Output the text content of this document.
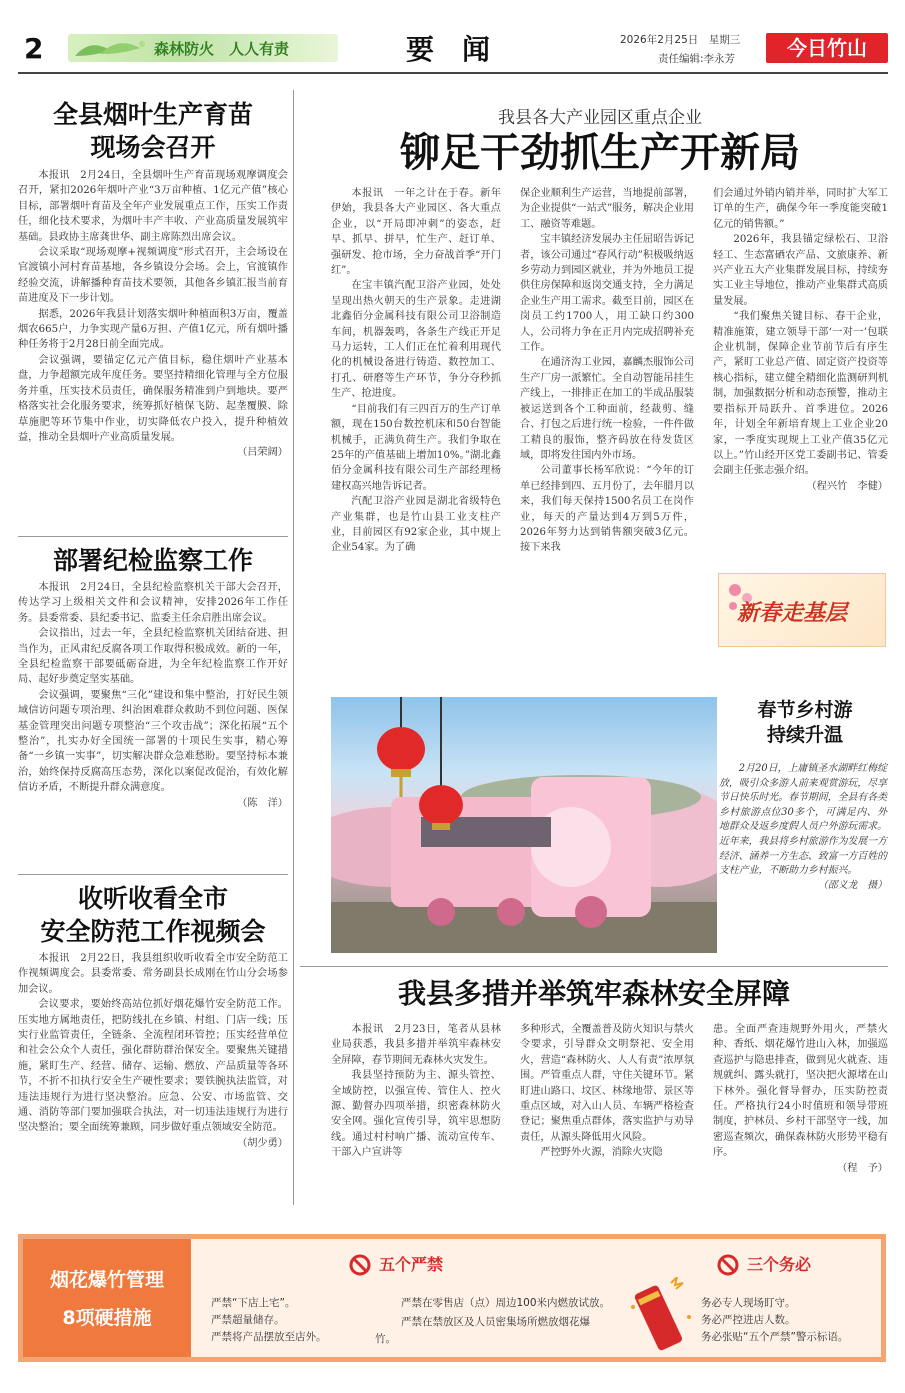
2	森林防火　人人有责	要　闻	2026年2月25日　星期三
责任编辑:李永芳	今日竹山
全县烟叶生产育苗
现场会召开

本报讯　2月24日，全县烟叶生产育苗现场观摩调度会召开，紧扣2026年烟叶产业“3万亩种植、1亿元产值”核心目标，部署烟叶育苗及全年产业发展重点工作，压实工作责任，细化技术要求，为烟叶丰产丰收、产业高质量发展筑牢基础。县政协主席龚世华、副主席陈烈出席会议。

会议采取“现场观摩+视频调度”形式召开，主会场设在官渡镇小河村育苗基地，各乡镇设分会场。会上，官渡镇作经验交流，讲解播种育苗技术要领，其他各乡镇汇报当前育苗进度及下一步计划。

据悉，2026年我县计划落实烟叶种植面积3万亩，覆盖烟农665户，力争实现产量6万担、产值1亿元，所有烟叶播种任务将于2月28日前全面完成。

会议强调，要锚定亿元产值目标，稳住烟叶产业基本盘，力争超额完成年度任务。要坚持精细化管理与全方位服务并重，压实技术员责任，确保服务精准到户到地块。要严格落实社会化服务要求，统筹抓好植保飞防、起垄覆膜、除草施肥等环节集中作业，切实降低农户投入，提升种植效益，推动全县烟叶产业高质量发展。

（吕荣阔）
部署纪检监察工作

本报讯　2月24日，全县纪检监察机关干部大会召开，传达学习上级相关文件和会议精神，安排2026年工作任务。县委常委、县纪委书记、监委主任余启胜出席会议。

会议指出，过去一年，全县纪检监察机关团结奋进、担当作为，正风肃纪反腐各项工作取得积极成效。新的一年，全县纪检监察干部要砥砺奋进，为全年纪检监察工作开好局、起好步奠定坚实基础。

会议强调，要聚焦“三化”建设和集中整治，打好民生领域信访问题专项治理、纠治困难群众救助不到位问题、医保基金管理突出问题专项整治“三个攻击战”；深化拓展“五个整治”，扎实办好全国统一部署的十项民生实事，精心筹备“一乡镇一实事”，切实解决群众急难愁盼。要坚持标本兼治，始终保持反腐高压态势，深化以案促改促治，有效化解信访矛盾，不断提升群众满意度。

（陈　洋）
收听收看全市
安全防范工作视频会

本报讯　2月22日，我县组织收听收看全市安全防范工作视频调度会。县委常委、常务副县长成刚在竹山分会场参加会议。

会议要求，要始终高站位抓好烟花爆竹安全防范工作。压实地方属地责任，把防线扎在乡镇、村组、门店一线；压实行业监管责任，全链条、全流程闭环管控；压实经营单位和社会公众个人责任，强化群防群治保安全。要聚焦关键措施，紧盯生产、经营、储存、运输、燃放、产品质量等各环节，不折不扣执行安全生产硬性要求；要铁腕执法监管，对违法违规行为进行坚决整治。应急、公安、市场监管、交通、消防等部门要加强联合执法，对一切违法违规行为进行坚决整治；要全面统筹兼顾，同步做好重点领域安全防范。

（胡少勇）
我县各大产业园区重点企业
铆足干劲抓生产开新局

本报讯　一年之计在于春。新年伊始，我县各大产业园区、各大重点企业，以“开局即冲刺”的姿态，赶早、抓早、拼早，忙生产、赶订单、强研发、抢市场，全力奋战首季“开门红”。

在宝丰镇汽配卫浴产业园，处处呈现出热火朝天的生产景象。走进湖北鑫佰分金属科技有限公司卫浴制造车间，机器轰鸣，各条生产线正开足马力运转，工人们正在忙着利用现代化的机械设备进行铸造、数控加工、打孔、研磨等生产环节，争分夺秒抓生产、抢进度。

“目前我们有三四百万的生产订单额，现在150台数控机床和50台智能机械手，正满负荷生产。我们争取在25年的产值基础上增加10%。”湖北鑫佰分金属科技有限公司生产部经理杨建权高兴地告诉记者。

汽配卫浴产业园是湖北省级特色产业集群，也是竹山县工业支柱产业，目前园区有92家企业，其中规上企业54家。为了确

保企业顺利生产运营，当地提前部署，为企业提供“一站式”服务，解决企业用工、融资等难题。

宝丰镇经济发展办主任屈昭告诉记者，该公司通过“春风行动”积极吸纳返乡劳动力到园区就业，并为外地员工提供住房保障和返岗交通支持，全力满足企业生产用工需求。截至目前，园区在岗员工约1700人，用工缺口约300人，公司将力争在正月内完成招聘补充工作。

在通济沟工业园，嘉麟杰服饰公司生产厂房一派繁忙。全自动智能吊挂生产线上，一排排正在加工的半成品服装被运送到各个工种面前，经裁剪、缝合、打包之后进行统一检验，一件件做工精良的服饰，整齐码放在待发货区域，即将发往国内外市场。

公司董事长杨军欣说：“今年的订单已经排到四、五月份了，去年腊月以来，我们每天保持1500名员工在岗作业，每天的产量达到4万到5万件，2026年努力达到销售额突破3亿元。接下来我

们会通过外销内销并举，同时扩大军工订单的生产，确保今年一季度能突破1亿元的销售额。”

2026年，我县锚定绿松石、卫浴轻工、生态富硒农产品、文旅康养、新兴产业五大产业集群发展目标，持续夯实工业主导地位，推动产业集群式高质量发展。

“我们聚焦关键目标、春干企业，精准施策，建立领导干部‘一对一’包联企业机制，保障企业节前节后有序生产，紧盯工业总产值、固定资产投资等核心指标，建立健全精细化监测研判机制，加强数据分析和动态预警，推动主要指标开局跃升、首季进位。2026年，计划全年新培育规上工业企业20家，一季度实现规上工业产值35亿元以上。”竹山经开区党工委副书记、管委会副主任张志强介绍。

（程兴竹　李健）
新春走基层
春节乡村游
持续升温

2月20日，上庸镇圣水湖畔红梅绽放，吸引众多游人前来观赏游玩，尽享节日快乐时光。春节期间，全县有各类乡村旅游点位30多个，可满足内、外地群众及返乡度假人员户外游玩需求。近年来，我县将乡村旅游作为发展一方经济、涵养一方生态、致富一方百姓的支柱产业，不断助力乡村振兴。

（邵义龙　摄）
我县多措并举筑牢森林安全屏障

本报讯　2月23日，笔者从县林业局获悉，我县多措并举筑牢森林安全屏障，春节期间无森林火灾发生。

我县坚持预防为主、源头管控、全域防控，以强宣传、管住人、控火源、勤督办四项举措，织密森林防火安全网。强化宣传引导，筑牢思想防线。通过村村响广播、流动宣传车、干部入户宣讲等

多种形式，全覆盖普及防火知识与禁火令要求，引导群众文明祭祀、安全用火，营造“森林防火、人人有责”浓厚氛围。严管重点人群，守住关键环节。紧盯进山路口、坟区、林缘地带、景区等重点区域，对入山人员、车辆严格检查登记；聚焦重点群体，落实监护与劝导责任，从源头降低用火风险。

严控野外火源，消除火灾隐

患。全面严查违规野外用火，严禁火种、香纸、烟花爆竹进山入林，加强巡查巡护与隐患排查，做到见火就查、违规就纠、露头就打，坚决把火源堵在山下林外。强化督导督办，压实防控责任。严格执行24小时值班和领导带班制度，护林员、乡村干部坚守一线，加密巡查频次，确保森林防火形势平稳有序。

（程　予）
烟花爆竹管理
8项硬措施
五个严禁
严禁“下店上宅”。
严禁超量储存。
严禁将产品摆放至店外。
严禁在零售店（点）周边100米内燃放试放。
严禁在禁放区及人员密集场所燃放烟花爆竹。
三个务必
务必专人现场盯守。
务必严控进店人数。
务必张贴“五个严禁”警示标语。
